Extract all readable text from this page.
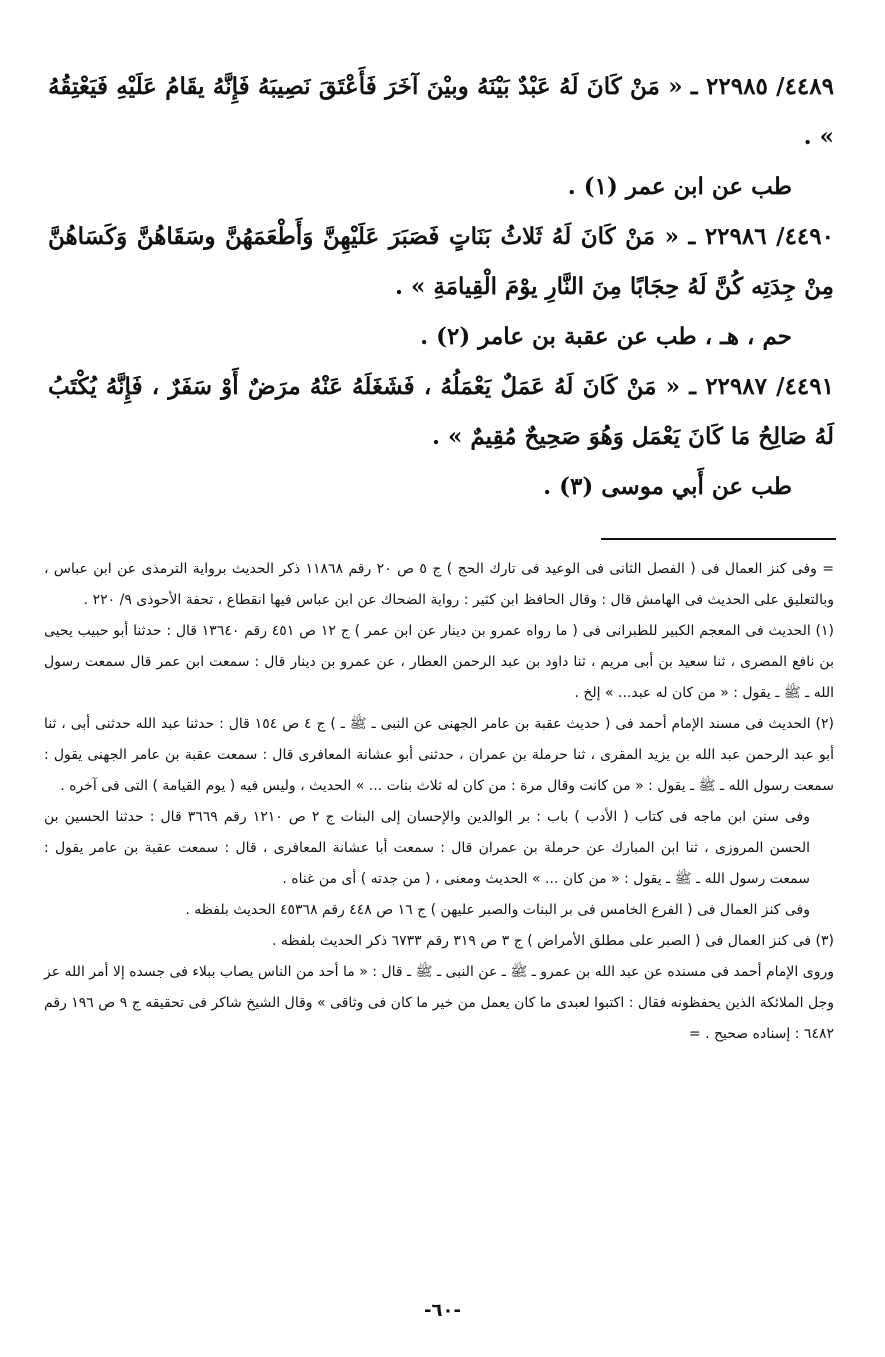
٤٤٨٩/ ٢٢٩٨٥ ـ « مَنْ كَانَ لَهُ عَبْدٌ بَيْنَهُ وبيْنَ آخَرَ فَأَعْتَقَ نَصِيبَهُ فَإِنَّهُ يقَامُ عَلَيْهِ فَيَعْتِقُهُ » .

طب عن ابن عمر (١) .

٤٤٩٠/ ٢٢٩٨٦ ـ « مَنْ كَانَ لَهُ ثَلاثُ بَنَاتٍ فَصَبَرَ عَلَيْهِنَّ وَأَطْعَمَهُنَّ وسَقَاهُنَّ وَكَسَاهُنَّ مِنْ جِدَتِه كُنَّ لَهُ حِجَابًا مِنَ النَّارِ يوْمَ الْقِيامَةِ » .

حم ، هـ ، طب عن عقبة بن عامر (٢) .

٤٤٩١/ ٢٢٩٨٧ ـ « مَنْ كَانَ لَهُ عَمَلٌ يَعْمَلُهُ ، فَشَغَلَهُ عَنْهُ مرَضٌ أَوْ سَفَرٌ ، فَإِنَّهُ يُكْتَبُ لَهُ صَالِحُ مَا كَانَ يَعْمَل وَهُوَ صَحِيحٌ مُقِيمٌ » .

طب عن أَبي موسى (٣) .

= وفى كنز العمال فى ( الفصل الثانى فى الوعيد فى تارك الحج ) ج ٥ ص ٢٠ رقم ١١٨٦٨ ذكر الحديث برواية الترمذى عن ابن عباس ، وبالتعليق على الحديث فى الهامش قال : وقال الحافظ ابن كثير : رواية الضحاك عن ابن عباس فيها انقطاع ، تحفة الأحوذى ٩/ ٢٢٠ .

(١) الحديث فى المعجم الكبير للطبرانى فى ( ما رواه عمرو بن دينار عن ابن عمر ) ج ١٢ ص ٤٥١ رقم ١٣٦٤٠ قال : حدثنا أبو حبيب يحيى بن نافع المصرى ، ثنا سعيد بن أبى مريم ، ثنا داود بن عبد الرحمن العطار ، عن عمرو بن دينار قال : سمعت ابن عمر قال سمعت رسول الله ـ ﷺ ـ يقول : « من كان له عبد... » إلخ .

(٢) الحديث فى مسند الإمام أحمد فى ( حديث عقبة بن عامر الجهنى عن النبى ـ ﷺ ـ ) ج ٤ ص ١٥٤ قال : حدثنا عبد الله حدثنى أبى ، ثنا أبو عبد الرحمن عبد الله بن يزيد المقرى ، ثنا حرملة بن عمران ، حدثنى أبو عشانة المعافرى قال : سمعت عقبة بن عامر الجهنى يقول : سمعت رسول الله ـ ﷺ ـ يقول : « من كانت وقال مرة : من كان له ثلاث بنات ... » الحديث ، وليس فيه ( يوم القيامة ) التى فى آخره .

وفى سنن ابن ماجه فى كتاب ( الأدب ) باب : بر الوالدين والإحسان إلى البنات ج ٢ ص ١٢١٠ رقم ٣٦٦٩ قال : حدثنا الحسين بن الحسن المروزى ، ثنا ابن المبارك عن حرملة بن عمران قال : سمعت أبا عشانة المعافرى ، قال : سمعت عقبة بن عامر يقول : سمعت رسول الله ـ ﷺ ـ يقول : « من كان ... » الحديث ومعنى ، ( من جدته ) أى من غناه .

وفى كنز العمال فى ( الفرع الخامس فى بر البنات والصبر عليهن ) ج ١٦ ص ٤٤٨ رقم ٤٥٣٦٨ الحديث بلفظه .

(٣) فى كنز العمال فى ( الصبر على مطلق الأمراض ) ج ٣ ص ٣١٩ رقم ٦٧٣٣ ذكر الحديث بلفظه .

وروى الإمام أحمد فى مسنده عن عبد الله بن عمرو ـ ﷺ ـ عن النبى ـ ﷺ ـ قال : « ما أحد من الناس يصاب ببلاء فى جسده إلا أمر الله عز وجل الملائكة الذين يحفظونه فقال : اكتبوا لعبدى ما كان يعمل من خير ما كان فى وثاقى » وقال الشيخ شاكر فى تحقيقه ج ٩ ص ١٩٦ رقم ٦٤٨٢ : إسناده صحيح . =

-٦٠-
